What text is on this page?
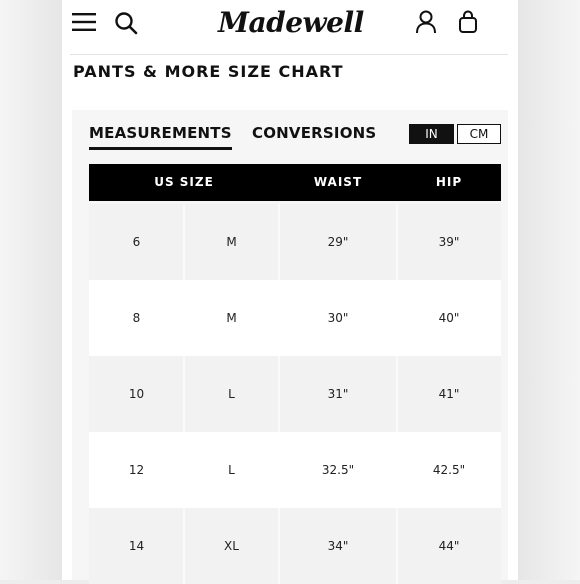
Madewell
PANTS & MORE SIZE CHART
MEASUREMENTS CONVERSIONS	IN	CM
US SIZE	WAIST	HIP
6	M	29"	39"
8	M	30"	40"
10	L	31"	41"
12	L	32.5"	42.5"
14	XL	34"	44"
